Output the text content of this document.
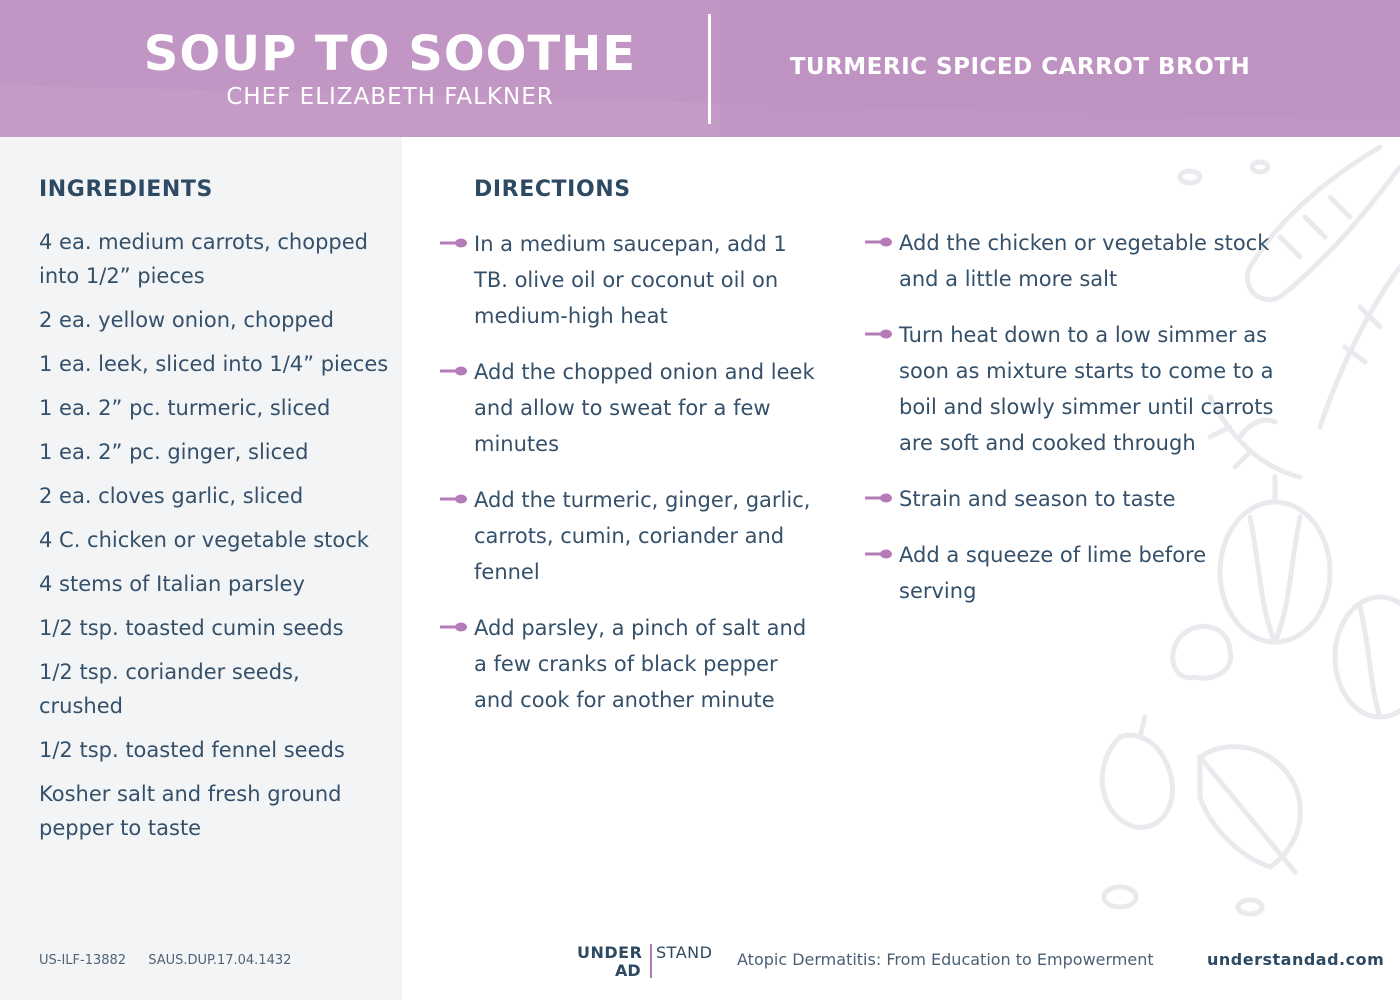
SOUP TO SOOTHE
CHEF ELIZABETH FALKNER
TURMERIC SPICED CARROT BROTH
INGREDIENTS
4 ea. medium carrots, chopped into 1/2” pieces
2 ea. yellow onion, chopped
1 ea. leek, sliced into 1/4” pieces
1 ea. 2” pc. turmeric, sliced
1 ea. 2” pc. ginger, sliced
2 ea. cloves garlic, sliced
4 C. chicken or vegetable stock
4 stems of Italian parsley
1/2 tsp. toasted cumin seeds
1/2 tsp. coriander seeds, crushed
1/2 tsp. toasted fennel seeds
Kosher salt and fresh ground pepper to taste
US-ILF-13882 SAUS.DUP.17.04.1432
DIRECTIONS
In a medium saucepan, add 1 TB. olive oil or coconut oil on medium-high heat
Add the chopped onion and leek and allow to sweat for a few minutes
Add the turmeric, ginger, garlic, carrots, cumin, coriander and fennel
Add parsley, a pinch of salt and a few cranks of black pepper and cook for another minute
Add the chicken or vegetable stock and a little more salt
Turn heat down to a low simmer as soon as mixture starts to come to a boil and slowly simmer until carrots are soft and cooked through
Strain and season to taste
Add a squeeze of lime before serving
UNDER
AD
STAND Atopic Dermatitis: From Education to Empowerment	understandad.com
